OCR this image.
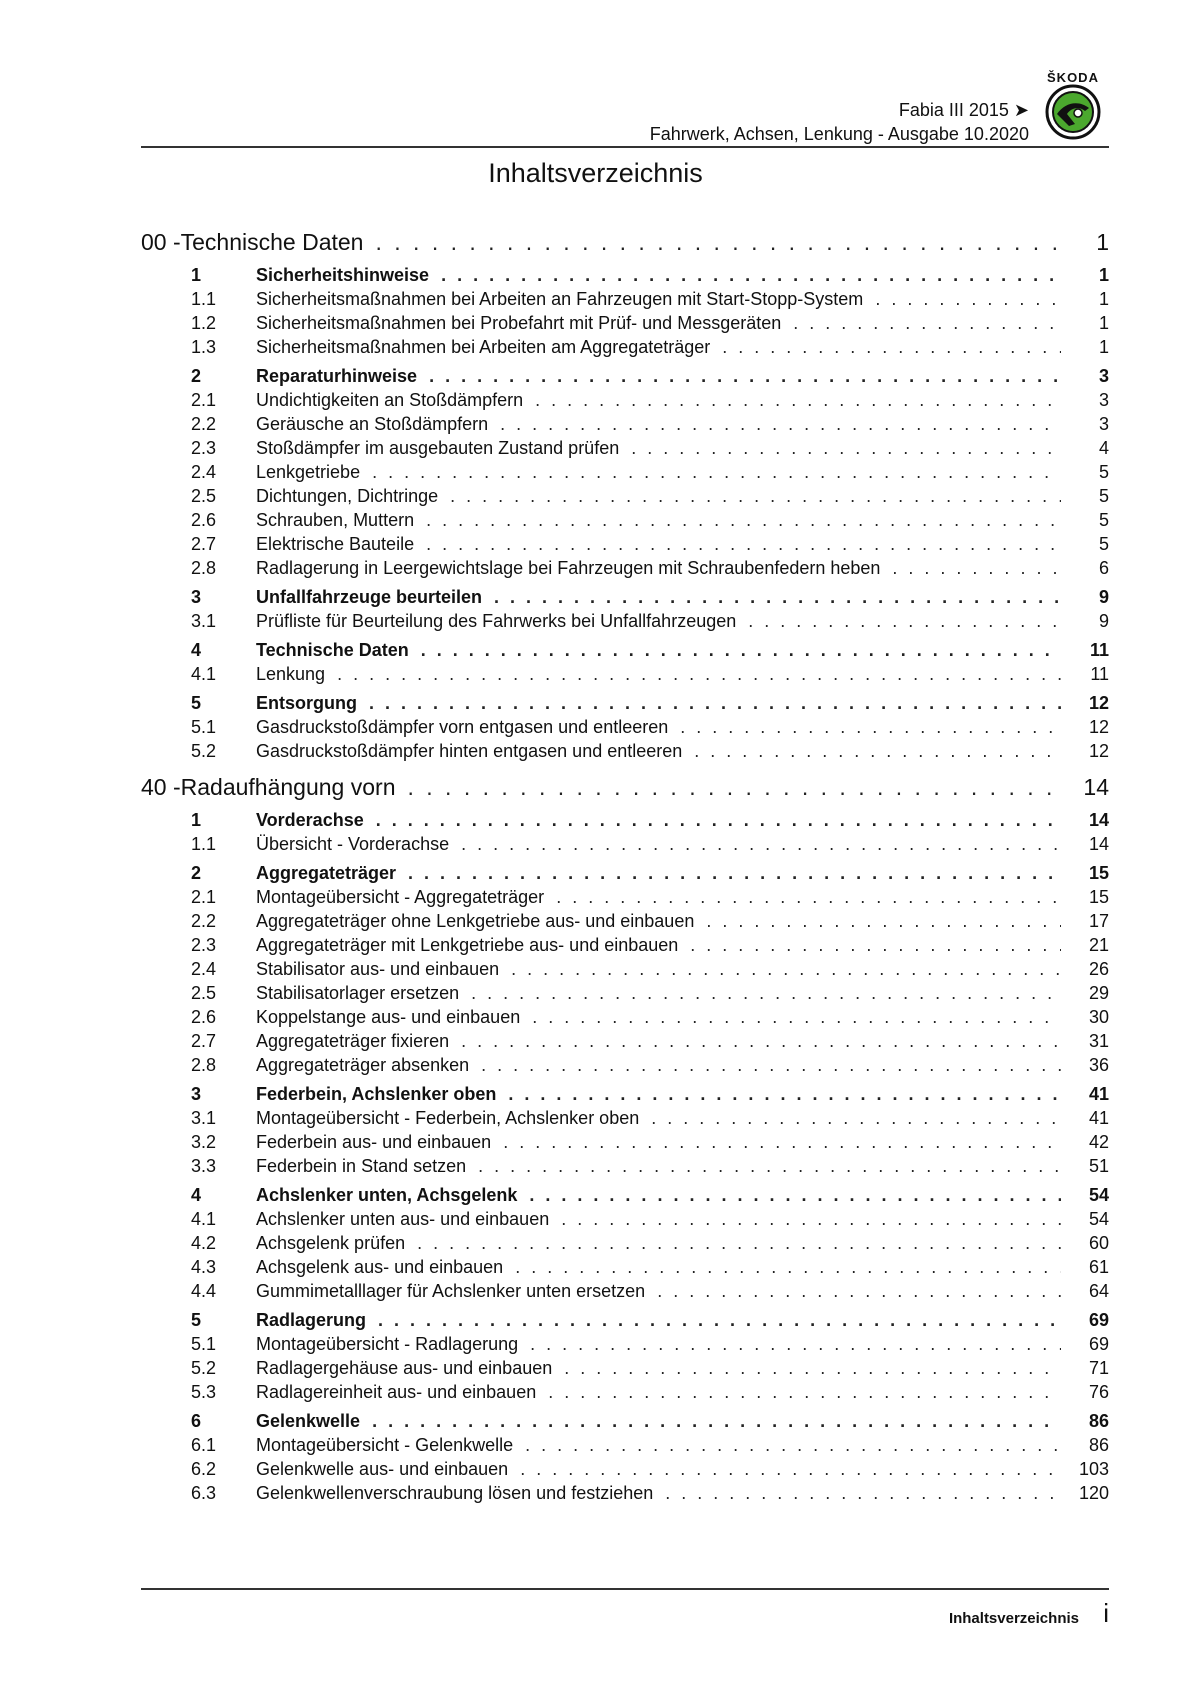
ŠKODA
Fabia III 2015 ➤
Fahrwerk, Achsen, Lenkung - Ausgabe 10.2020
Inhaltsverzeichnis
00 - Technische Daten . . .	1
1	Sicherheitshinweise . . .	1
1.1	Sicherheitsmaßnahmen bei Arbeiten an Fahrzeugen mit Start-Stopp-System . . .	1
1.2	Sicherheitsmaßnahmen bei Probefahrt mit Prüf- und Messgeräten . . .	1
1.3	Sicherheitsmaßnahmen bei Arbeiten am Aggregateträger . . .	1
2	Reparaturhinweise . . .	3
2.1	Undichtigkeiten an Stoßdämpfern . . .	3
2.2	Geräusche an Stoßdämpfern . . .	3
2.3	Stoßdämpfer im ausgebauten Zustand prüfen . . .	4
2.4	Lenkgetriebe . . .	5
2.5	Dichtungen, Dichtringe . . .	5
2.6	Schrauben, Muttern . . .	5
2.7	Elektrische Bauteile . . .	5
2.8	Radlagerung in Leergewichtslage bei Fahrzeugen mit Schraubenfedern heben . . .	6
3	Unfallfahrzeuge beurteilen . . .	9
3.1	Prüfliste für Beurteilung des Fahrwerks bei Unfallfahrzeugen . . .	9
4	Technische Daten . . .	11
4.1	Lenkung . . .	11
5	Entsorgung . . .	12
5.1	Gasdruckstoßdämpfer vorn entgasen und entleeren . . .	12
5.2	Gasdruckstoßdämpfer hinten entgasen und entleeren . . .	12
40 - Radaufhängung vorn . . .	14
1	Vorderachse . . .	14
1.1	Übersicht - Vorderachse . . .	14
2	Aggregateträger . . .	15
2.1	Montageübersicht - Aggregateträger . . .	15
2.2	Aggregateträger ohne Lenkgetriebe aus- und einbauen . . .	17
2.3	Aggregateträger mit Lenkgetriebe aus- und einbauen . . .	21
2.4	Stabilisator aus- und einbauen . . .	26
2.5	Stabilisatorlager ersetzen . . .	29
2.6	Koppelstange aus- und einbauen . . .	30
2.7	Aggregateträger fixieren . . .	31
2.8	Aggregateträger absenken . . .	36
3	Federbein, Achslenker oben . . .	41
3.1	Montageübersicht - Federbein, Achslenker oben . . .	41
3.2	Federbein aus- und einbauen . . .	42
3.3	Federbein in Stand setzen . . .	51
4	Achslenker unten, Achsgelenk . . .	54
4.1	Achslenker unten aus- und einbauen . . .	54
4.2	Achsgelenk prüfen . . .	60
4.3	Achsgelenk aus- und einbauen . . .	61
4.4	Gummimetalllager für Achslenker unten ersetzen . . .	64
5	Radlagerung . . .	69
5.1	Montageübersicht - Radlagerung . . .	69
5.2	Radlagergehäuse aus- und einbauen . . .	71
5.3	Radlagereinheit aus- und einbauen . . .	76
6	Gelenkwelle . . .	86
6.1	Montageübersicht - Gelenkwelle . . .	86
6.2	Gelenkwelle aus- und einbauen . . .	103
6.3	Gelenkwellenverschraubung lösen und festziehen . . .	120
Inhaltsverzeichnis i
